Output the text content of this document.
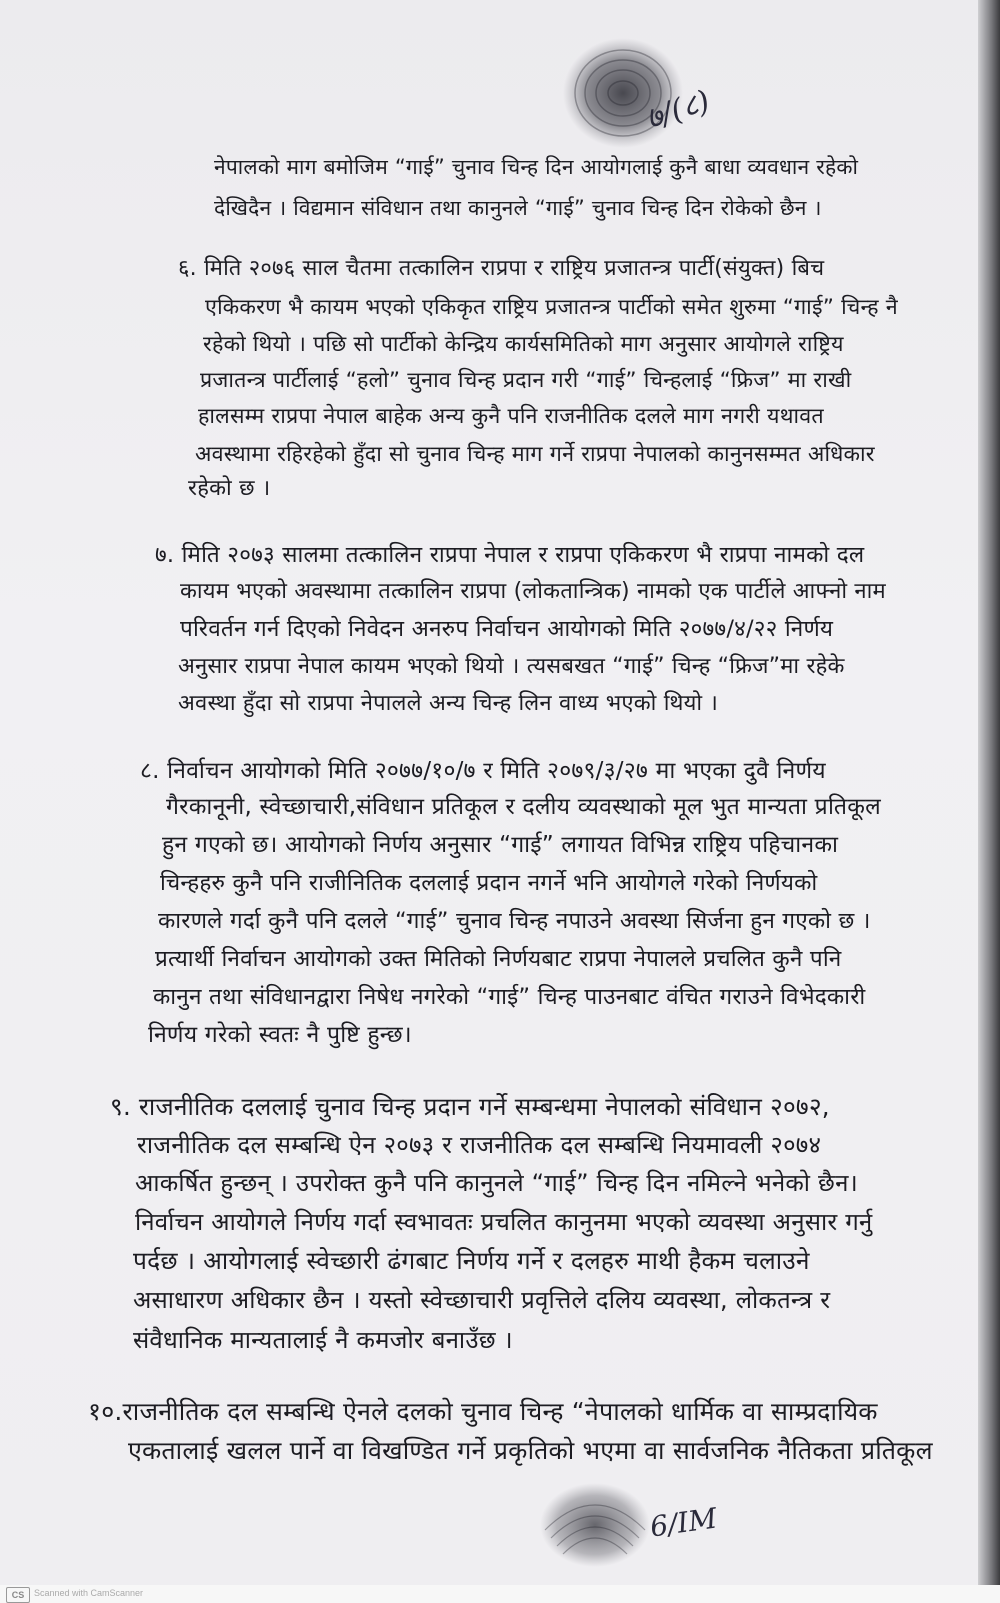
७/(८)
नेपालको माग बमोजिम “गाई” चुनाव चिन्ह दिन आयोगलाई कुनै बाधा व्यवधान रहेको
देखिदैन । विद्यमान संविधान तथा कानुनले “गाई” चुनाव चिन्ह दिन रोकेको छैन ।
६. मिति २०७६ साल चैतमा तत्कालिन राप्रपा र राष्ट्रिय प्रजातन्त्र पार्टी(संयुक्त) बिच
एकिकरण भै कायम भएको एकिकृत राष्ट्रिय प्रजातन्त्र पार्टीको समेत शुरुमा “गाई” चिन्ह नै
रहेको थियो । पछि सो पार्टीको केन्द्रिय कार्यसमितिको माग अनुसार आयोगले राष्ट्रिय
प्रजातन्त्र पार्टीलाई “हलो” चुनाव चिन्ह प्रदान गरी “गाई” चिन्हलाई “फ्रिज” मा राखी
हालसम्म राप्रपा नेपाल बाहेक अन्य कुनै पनि राजनीतिक दलले माग नगरी यथावत
अवस्थामा रहिरहेको हुँदा सो चुनाव चिन्ह माग गर्ने राप्रपा नेपालको कानुनसम्मत अधिकार
रहेको छ ।
७. मिति २०७३ सालमा तत्कालिन राप्रपा नेपाल र राप्रपा एकिकरण भै राप्रपा नामको दल
कायम भएको अवस्थामा तत्कालिन राप्रपा (लोकतान्त्रिक) नामको एक पार्टीले आफ्नो नाम
परिवर्तन गर्न दिएको निवेदन अनरुप निर्वाचन आयोगको मिति २०७७/४/२२ निर्णय
अनुसार राप्रपा नेपाल कायम भएको थियो । त्यसबखत “गाई” चिन्ह “फ्रिज”मा रहेके
अवस्था हुँदा सो राप्रपा नेपालले अन्य चिन्ह लिन वाध्य भएको थियो ।
८. निर्वाचन आयोगको मिति २०७७/१०/७ र मिति २०७९/३/२७ मा भएका दुवै निर्णय
गैरकानूनी, स्वेच्छाचारी,संविधान प्रतिकूल र दलीय व्यवस्थाको मूल भुत मान्यता प्रतिकूल
हुन गएको छ। आयोगको निर्णय अनुसार “गाई” लगायत विभिन्न राष्ट्रिय पहिचानका
चिन्हहरु कुनै पनि राजीनितिक दललाई प्रदान नगर्ने भनि आयोगले गरेको निर्णयको
कारणले गर्दा कुनै पनि दलले “गाई” चुनाव चिन्ह नपाउने अवस्था सिर्जना हुन गएको छ ।
प्रत्यार्थी निर्वाचन आयोगको उक्त मितिको निर्णयबाट राप्रपा नेपालले प्रचलित कुनै पनि
कानुन तथा संविधानद्वारा निषेध नगरेको “गाई” चिन्ह पाउनबाट वंचित गराउने विभेदकारी
निर्णय गरेको स्वतः नै पुष्टि हुन्छ।
९. राजनीतिक दललाई चुनाव चिन्ह प्रदान गर्ने सम्बन्धमा नेपालको संविधान २०७२,
राजनीतिक दल सम्बन्धि ऐन २०७३ र राजनीतिक दल सम्बन्धि नियमावली २०७४
आकर्षित हुन्छन् । उपरोक्त कुनै पनि कानुनले “गाई” चिन्ह दिन नमिल्ने भनेको छैन।
निर्वाचन आयोगले निर्णय गर्दा स्वभावतः प्रचलित कानुनमा भएको व्यवस्था अनुसार गर्नु
पर्दछ । आयोगलाई स्वेच्छारी ढंगबाट निर्णय गर्ने र दलहरु माथी हैकम चलाउने
असाधारण अधिकार छैन । यस्तो स्वेच्छाचारी प्रवृत्तिले दलिय व्यवस्था, लोकतन्त्र र
संवैधानिक मान्यतालाई नै कमजोर बनाउँछ ।
१०.राजनीतिक दल सम्बन्धि ऐनले दलको चुनाव चिन्ह “नेपालको धार्मिक वा साम्प्रदायिक
एकतालाई खलल पार्ने वा विखण्डित गर्ने प्रकृतिको भएमा वा सार्वजनिक नैतिकता प्रतिकूल
6/IM
CS	Scanned with CamScanner
